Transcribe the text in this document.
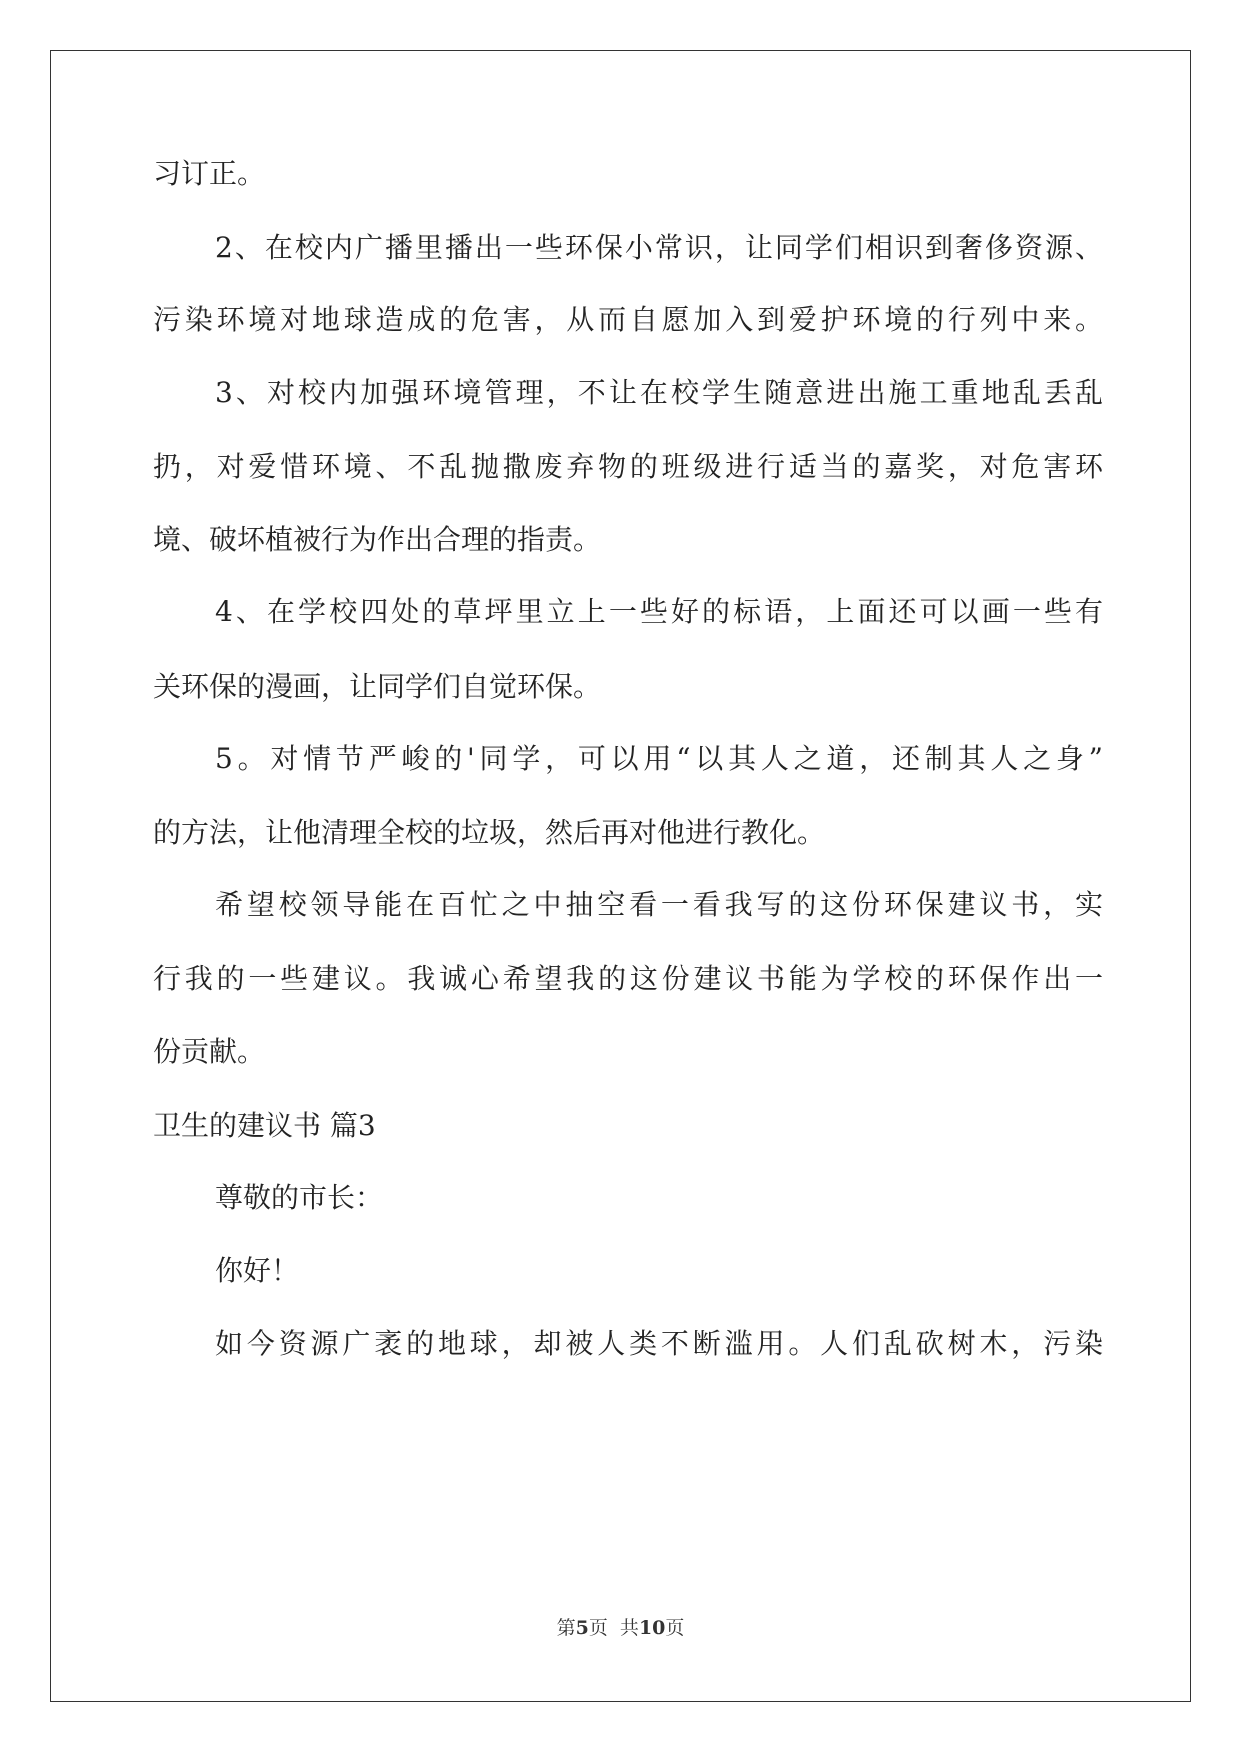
习订正。
2、在校内广播里播出一些环保小常识，让同学们相识到奢侈资源、
污染环境对地球造成的危害，从而自愿加入到爱护环境的行列中来。
3、对校内加强环境管理，不让在校学生随意进出施工重地乱丢乱
扔，对爱惜环境、不乱抛撒废弃物的班级进行适当的嘉奖，对危害环
境、破坏植被行为作出合理的指责。
4、在学校四处的草坪里立上一些好的标语，上面还可以画一些有
关环保的漫画，让同学们自觉环保。
5。对情节严峻的'同学，可以用“以其人之道，还制其人之身”
的方法，让他清理全校的垃圾，然后再对他进行教化。
希望校领导能在百忙之中抽空看一看我写的这份环保建议书，实
行我的一些建议。我诚心希望我的这份建议书能为学校的环保作出一
份贡献。
卫生的建议书 篇3
尊敬的市长：
你好！
如今资源广袤的地球，却被人类不断滥用。人们乱砍树木，污染
第5页  共10页
